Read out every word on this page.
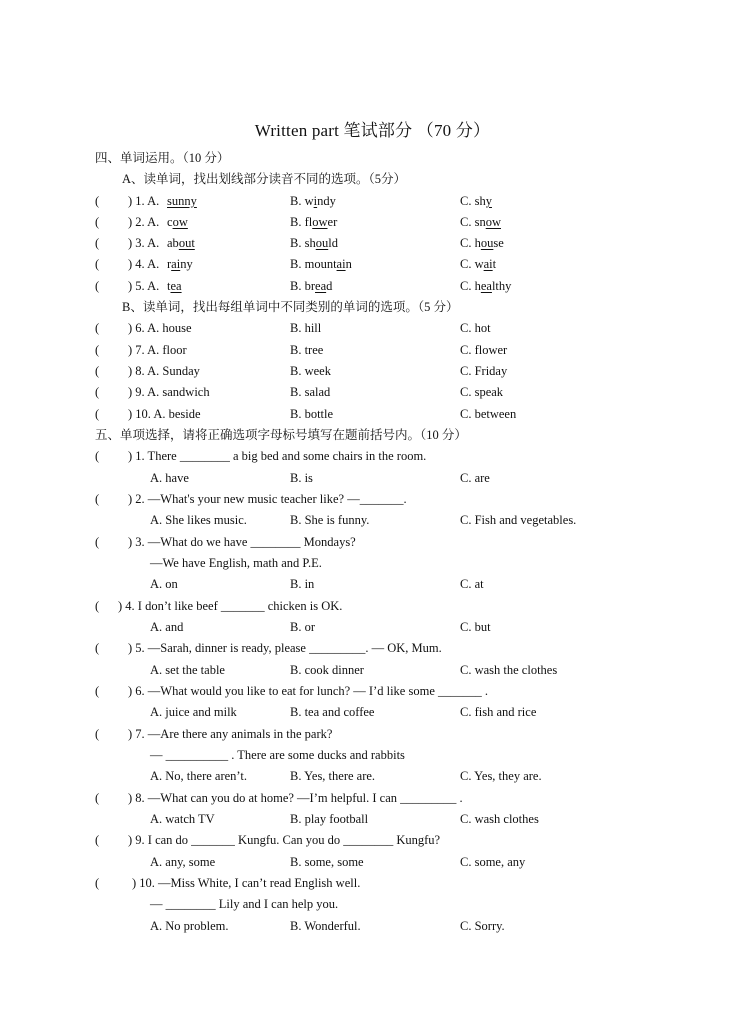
Written part 笔试部分 （70 分）
四、单词运用。（10 分）
A、读单词，找出划线部分读音不同的选项。（5分）
( ) 1. A. sunny	B. windy	C. shy
( ) 2. A. cow	B. flower	C. snow
( ) 3. A. about	B. should	C. house
( ) 4. A. rainy	B. mountain	C. wait
( ) 5. A. tea	B. bread	C. healthy
B、读单词，找出每组单词中不同类别的单词的选项。（5 分）
( ) 6. A. house	B. hill	C. hot
( ) 7. A. floor	B. tree	C. flower
( ) 8. A. Sunday	B. week	C. Friday
( ) 9. A. sandwich	B. salad	C. speak
( ) 10. A. beside	B. bottle	C. between
五、单项选择，请将正确选项字母标号填写在题前括号内。（10 分）
( ) 1. There ________ a big bed and some chairs in the room.
A. have	B. is	C. are
( ) 2. —What's your new music teacher like? —_______.
A. She likes music.	B. She is funny.	C. Fish and vegetables.
( ) 3. —What do we have ________ Mondays?
—We have English, math and P.E.
A. on	B. in	C. at
( ) 4. I don’t like beef _______ chicken is OK.
A. and	B. or	C. but
( ) 5. —Sarah, dinner is ready, please _________. — OK, Mum.
A. set the table	B. cook dinner	C. wash the clothes
( ) 6. —What would you like to eat for lunch? — I’d like some _______ .
A. juice and milk	B. tea and coffee	C. fish and rice
( ) 7. —Are there any animals in the park?
— __________ . There are some ducks and rabbits
A. No, there aren’t.	B. Yes, there are.	C. Yes, they are.
( ) 8. —What can you do at home? —I’m helpful. I can _________ .
A. watch TV	B. play football	C. wash clothes
( ) 9. I can do _______ Kungfu. Can you do ________ Kungfu?
A. any, some	B. some, some	C. some, any
(	) 10. —Miss White, I can’t read English well.
— ________ Lily and I can help you.
A. No problem.	B. Wonderful.	C. Sorry.
